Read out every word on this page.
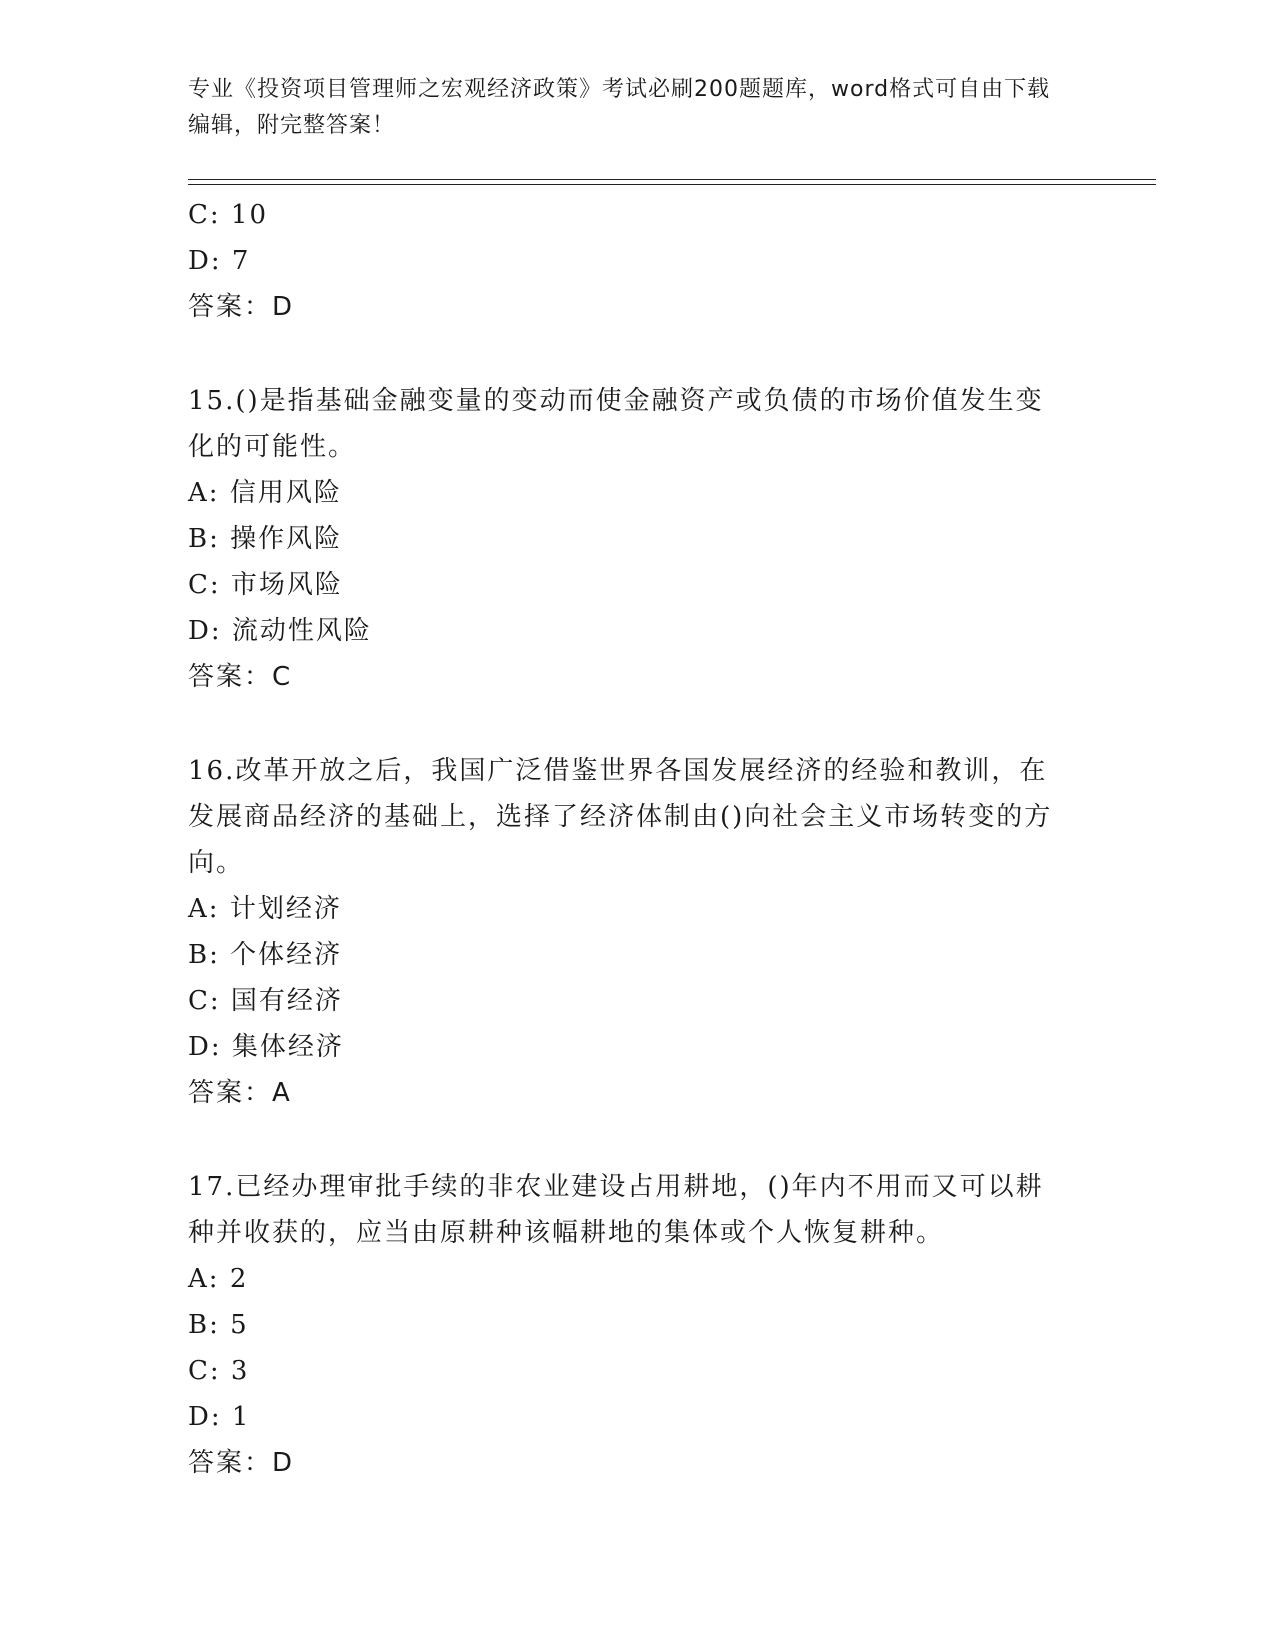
专业《投资项目管理师之宏观经济政策》考试必刷200题题库，word格式可自由下载编辑，附完整答案！
C: 10
D: 7
答案：D
15.()是指基础金融变量的变动而使金融资产或负债的市场价值发生变化的可能性。
A: 信用风险
B: 操作风险
C: 市场风险
D: 流动性风险
答案：C
16.改革开放之后，我国广泛借鉴世界各国发展经济的经验和教训，在发展商品经济的基础上，选择了经济体制由()向社会主义市场转变的方向。
A: 计划经济
B: 个体经济
C: 国有经济
D: 集体经济
答案：A
17.已经办理审批手续的非农业建设占用耕地，()年内不用而又可以耕种并收获的，应当由原耕种该幅耕地的集体或个人恢复耕种。
A: 2
B: 5
C: 3
D: 1
答案：D
